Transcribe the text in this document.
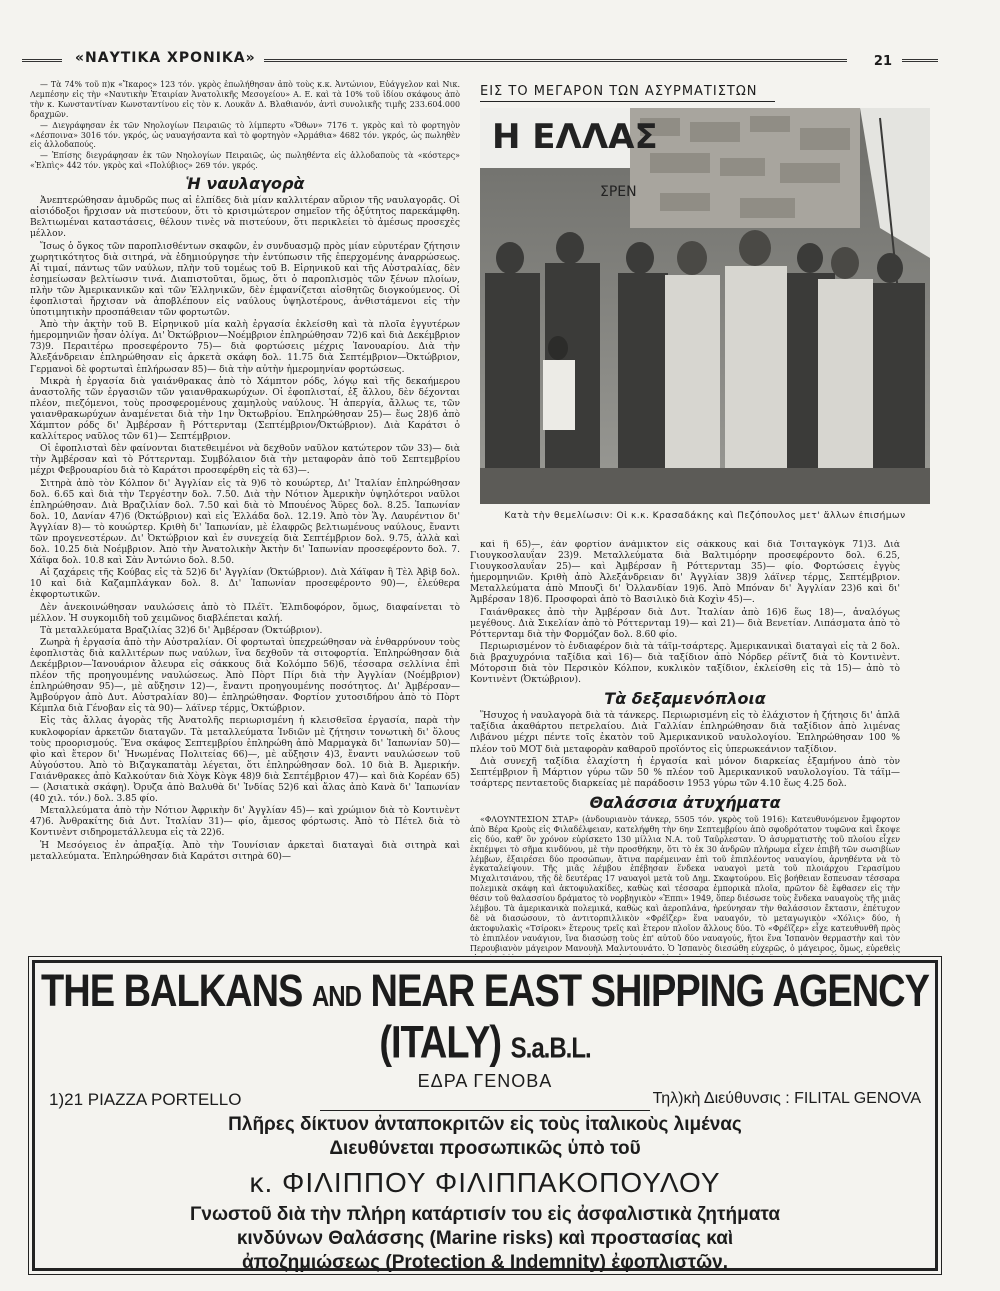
«ΝΑΥΤΙΚΑ ΧΡΟΝΙΚΑ»	21

— Τὰ 74% τοῦ π)κ «Ἴκαρος» 123 τόν. γκρὸς ἐπωλήθησαν ἀπὸ τοὺς κ.κ. Ἀντώνιον, Εὐάγγελον καὶ Νικ. Λεμπέσην εἰς τὴν «Ναυτικὴν Ἑταιρίαν Ἀνατολικῆς Μεσογείου» Α. Ε. καὶ τὰ 10% τοῦ ἰδίου σκάφους ἀπὸ τὴν κ. Κωνσταντίναν Κωνσταντίνου εἰς τὸν κ. Λουκᾶν Δ. Βλαθιανόν, ἀντὶ συνολικῆς τιμῆς 233.604.000 δραχμῶν.

— Διεγράφησαν ἐκ τῶν Νηολογίων Πειραιῶς τὸ λίμπερτυ «Ὄθων» 7176 τ. γκρὸς καὶ τὸ φορτηγὸν «Δέσποινα» 3016 τόν. γκρός, ὡς ναυαγήσαντα καὶ τὸ φορτηγὸν «Ἀρμάθια» 4682 τόν. γκρός, ὡς πωληθὲν εἰς ἀλλοδαπούς.

— Ἐπίσης διεγράφησαν ἐκ τῶν Νηολογίων Πειραιῶς, ὡς πωληθέντα εἰς ἀλλοδαποὺς τὰ «κόστερς» «Ἐλπὶς» 442 τόν. γκρὸς καὶ «Πολύβιος» 269 τόν. γκρός.

Ἡ ναυλαγορὰ

Ἀνεπτερώθησαν ἀμυδρῶς πως αἱ ἐλπίδες διὰ μίαν καλλιτέραν αὔριον τῆς ναυλαγορᾶς. Οἱ αἰσιόδοξοι ἤρχισαν νὰ πιστεύουν, ὅτι τὸ κρισιμώτερον σημεῖον τῆς ὀξύτητος παρεκάμφθη. Βελτιωμέναι καταστάσεις, θέλουν τινὲς νὰ πιστεύουν, ὅτι περικλείει τὸ ἀμέσως προσεχὲς μέλλον.

Ἴσως ὁ ὄγκος τῶν παροπλισθέντων σκαφῶν, ἐν συνδυασμῷ πρὸς μίαν εὐρυτέραν ζήτησιν χωρητικότητος διὰ σιτηρά, νὰ ἐδημιούργησε τὴν ἐντύπωσιν τῆς ἐπερχομένης ἀναρρώσεως. Αἱ τιμαί, πάντως τῶν ναύλων, πλὴν τοῦ τομέως τοῦ Β. Εἰρηνικοῦ καὶ τῆς Αὐστραλίας, δὲν ἐσημείωσαν βελτίωσιν τινά. Διαπιστοῦται, ὅμως, ὅτι ὁ παροπλισμὸς τῶν ξένων πλοίων, πλὴν τῶν Ἀμερικανικῶν καὶ τῶν Ἑλληνικῶν, δὲν ἐμφανίζεται αἰσθητῶς διογκούμενος. Οἱ ἐφοπλισταὶ ἤρχισαν νὰ ἀποβλέπουν εἰς ναύλους ὑψηλοτέρους, ἀνθιστάμενοι εἰς τὴν ὑποτιμητικὴν προσπάθειαν τῶν φορτωτῶν.

Ἀπὸ τὴν ἀκτὴν τοῦ Β. Εἰρηνικοῦ μία καλὴ ἐργασία ἐκλείσθη καὶ τὰ πλοῖα ἐγγυτέρων ἡμερομηνιῶν ἦσαν ὀλίγα. Δι' Ὀκτώβριον—Νοέμβριον ἐπληρώθησαν 72)6 καὶ διὰ Δεκέμβριον 73)9. Περαιτέρω προσεφέροντο 75)— διὰ φορτώσεις μέχρις Ἰανουαρίου. Διὰ τὴν Ἀλεξάνδρειαν ἐπληρώθησαν εἰς ἀρκετὰ σκάφη δολ. 11.75 διὰ Σεπτέμβριον—Ὀκτώβριον, Γερμανοὶ δὲ φορτωταὶ ἐπλήρωσαν 85)— διὰ τὴν αὐτὴν ἡμερομηνίαν φορτώσεως.

Μικρὰ ἡ ἐργασία διὰ γαιάνθρακας ἀπὸ τὸ Χάμπτον ρόδς, λόγῳ καὶ τῆς δεκαήμερου ἀναστολῆς τῶν ἐργασιῶν τῶν γαιανθρακωρύχων. Οἱ ἐφοπλισταί, ἐξ ἄλλου, δὲν δέχονται πλέον, πιεζόμενοι, τοὺς προσφερομένους χαμηλοὺς ναύλους. Ἡ ἀπεργία, ἄλλως τε, τῶν γαιανθρακωρύχων ἀναμένεται διὰ τὴν 1ην Ὀκτωβρίου. Ἐπληρώθησαν 25)— ἕως 28)6 ἀπὸ Χάμπτον ρόδς δι' Ἀμβέρσαν ἢ Ρόττερνταμ (Σεπτέμβριον/Ὀκτώβριον). Διὰ Καράτσι ὁ καλλίτερος ναῦλος τῶν 61)— Σεπτέμβριον.

Οἱ ἐφοπλισταὶ δὲν φαίνονται διατεθειμένοι νὰ δεχθοῦν ναῦλον κατώτερον τῶν 33)— διὰ τὴν Ἀμβέρσαν καὶ τὸ Ρόττερνταμ. Συμβόλαιον διὰ τὴν μεταφορὰν ἀπὸ τοῦ Σεπτεμβρίου μέχρι Φεβρουαρίου διὰ τὸ Καράτσι προσεφέρθη εἰς τὰ 63)—.

Σιτηρὰ ἀπὸ τὸν Κόλπον δι' Ἀγγλίαν εἰς τὰ 9)6 τὸ κουώρτερ, Δι' Ἰταλίαν ἐπληρώθησαν δολ. 6.65 καὶ διὰ τὴν Τεργέστην δολ. 7.50. Διὰ τὴν Νότιον Ἀμερικὴν ὑψηλότεροι ναῦλοι ἐπληρώθησαν. Διὰ Βραζιλίαν δολ. 7.50 καὶ διὰ τὸ Μπουένος Ἄϋρες δολ. 8.25. Ἰαπωνίαν δολ. 10, Δανίαν 47)6 (Ὀκτώβριον) καὶ εἰς Ἑλλάδα δολ. 12.19. Ἀπὸ τὸν Ἅγ. Λαυρέντιον δι' Ἀγγλίαν 8)— τὸ κουώρτερ. Κριθὴ δι' Ἰαπωνίαν, μὲ ἐλαφρῶς βελτιωμένους ναύλους, ἔναντι τῶν προγενεστέρων. Δι' Ὀκτώβριον καὶ ἐν συνεχείᾳ διὰ Σεπτέμβριον δολ. 9.75, ἀλλὰ καὶ δολ. 10.25 διὰ Νοέμβριον. Ἀπὸ τὴν Ἀνατολικὴν Ἀκτὴν δι' Ἰαπωνίαν προσεφέροντο δολ. 7. Χάϊφα δολ. 10.8 καὶ Σὰν Ἀντώνιο δολ. 8.50.

Αἱ ζαχάρεις τῆς Κούβας εἰς τὰ 52)6 δι' Ἀγγλίαν (Ὀκτώβριον). Διὰ Χάϊφαν ἢ Τὲλ Ἀβὶβ δολ. 10 καὶ διὰ Καζαμπλάγκαν δολ. 8. Δι' Ἰαπωνίαν προσεφέροντο 90)—, ἐλεύθερα ἐκφορτωτικῶν.

Δὲν ἀνεκοινώθησαν ναυλώσεις ἀπὸ τὸ Πλέϊτ. Ἐλπιδοφόρον, ὅμως, διαφαίνεται τὸ μέλλον. Ἡ συγκομιδὴ τοῦ χειμῶνος διαβλέπεται καλή.

Τὰ μεταλλεύματα Βραζιλίας 32)6 δι' Ἀμβέρσαν (Ὀκτώβριον).

Ζωηρὰ ἡ ἐργασία ἀπὸ τὴν Αὐστραλίαν. Οἱ φορτωταὶ ὑπεχρεώθησαν νὰ ἐνθαρρύνουν τοὺς ἐφοπλιστὰς διὰ καλλιτέρων πως ναύλων, ἵνα δεχθοῦν τὰ σιτοφορτία. Ἐπληρώθησαν διὰ Δεκέμβριον—Ἰανουάριον ἄλευρα εἰς σάκκους διὰ Κολόμπο 56)6, τέσσαρα σελλίνια ἐπὶ πλέον τῆς προηγουμένης ναυλώσεως. Ἀπὸ Πὸρτ Πίρι διὰ τὴν Ἀγγλίαν (Νοέμβριον) ἐπληρώθησαν 95)—, μὲ αὔξησιν 12)—, ἔναντι προηγουμένης ποσότητος. Δι' Ἀμβέρσαν—Ἀμβούργον ἀπὸ Δυτ. Αὐστραλίαν 80)— ἐπληρώθησαν. Φορτίον χυτοσιδήρου ἀπὸ τὸ Πὸρτ Κέμπλα διὰ Γένοβαν εἰς τὰ 90)— λάϊνερ τέρμς, Ὀκτώβριον.

Εἰς τὰς ἄλλας ἀγορὰς τῆς Ἀνατολῆς περιωρισμένη ἡ κλεισθεῖσα ἐργασία, παρὰ τὴν κυκλοφορίαν ἀρκετῶν διαταγῶν. Τὰ μεταλλεύματα Ἰνδιῶν μὲ ζήτησιν τονωτικὴ δι' ὅλους τοὺς προορισμούς. Ἕνα σκάφος Σεπτεμβρίου ἐπληρώθη ἀπὸ Μαρμαγκὰ δι' Ἰαπωνίαν 50)— φὶο καὶ ἕτερον δι' Ἡνωμένας Πολιτείας 66)—, μὲ αὔξησιν 4)3, ἔναντι ναυλώσεων τοῦ Αὐγούστου. Ἀπὸ τὸ Βιζαγκαπατὰμ λέγεται, ὅτι ἐπληρώθησαν δολ. 10 διὰ Β. Ἀμερικήν. Γαιάνθρακες ἀπὸ Καλκούταν διὰ Χὸγκ Κὸγκ 48)9 διὰ Σεπτέμβριον 47)— καὶ διὰ Κορέαν 65)— (Ἀσιατικὰ σκάφη). Ὀρυζα ἀπὸ Βαλυθὰ δι' Ἰνδίας 52)6 καὶ ἄλας ἀπὸ Κανὰ δι' Ἰαπωνίαν (40 χιλ. τόν.) δολ. 3.85 φίο.

Μεταλλεύματα ἀπὸ τὴν Νότιον Ἀφρικὴν δι' Ἀγγλίαν 45)— καὶ χρώμιον διὰ τὸ Κοντινὲντ 47)6. Ἀνθρακίτης διὰ Δυτ. Ἰταλίαν 31)— φίο, ἄμεσος φόρτωσις. Ἀπὸ τὸ Πέτελ διὰ τὸ Κοντινὲντ σιδηρομετάλλευμα εἰς τὰ 22)6.

Ἡ Μεσόγειος ἐν ἀπραξίᾳ. Ἀπὸ τὴν Τουνίσιαν ἀρκεταὶ διαταγαὶ διὰ σιτηρὰ καὶ μεταλλεύματα. Ἐπληρώθησαν διὰ Καράτσι σιτηρὰ 60)—

ΕΙΣ ΤΟ ΜΕΓΑΡΟΝ ΤΩΝ ΑΣΥΡΜΑΤΙΣΤΩΝ
Η ΕΛΛΑΣ
ΣΡΕΝ
Κατὰ τὴν θεμελίωσιν: Οἱ κ.κ. Κρασαδάκης καὶ Πεζόπουλος μετ' ἄλλων ἐπισήμων

καὶ ἢ 65)—, ἐὰν φορτίον ἀνάμικτον εἰς σάκκους καὶ διὰ Τσιταγκὸγκ 71)3. Διὰ Γιουγκοσλαυΐαν 23)9. Μεταλλεύματα διὰ Βαλτιμόρην προσεφέροντο δολ. 6.25, Γιουγκοσλαυΐαν 25)— καὶ Ἀμβέρσαν ἢ Ρόττερνταμ 35)— φίο. Φορτώσεις ἐγγὺς ἡμερομηνιῶν. Κριθὴ ἀπὸ Ἀλεξάνδρειαν δι' Ἀγγλίαν 38)9 λάϊνερ τέρμς, Σεπτέμβριον. Μεταλλεύματα ἀπὸ Μπουζὶ δι' Ὀλλανδίαν 19)6. Ἀπὸ Μπόναν δι' Ἀγγλίαν 23)6 καὶ δι' Ἀμβέρσαν 18)6. Προσφοραὶ ἀπὸ τὸ Βασιλικὸ διὰ Κοχὶν 45)—.

Γαιάνθρακες ἀπὸ τὴν Ἀμβέρσαν διὰ Δυτ. Ἰταλίαν ἀπὸ 16)6 ἕως 18)—, ἀναλόγως μεγέθους. Διὰ Σικελίαν ἀπὸ τὸ Ρόττερνταμ 19)— καὶ 21)— διὰ Βενετίαν. Λιπάσματα ἀπὸ τὸ Ρόττερνταμ διὰ τὴν Φορμόζαν δολ. 8.60 φίο.

Περιωρισμένον τὸ ἐνδιαφέρον διὰ τὰ τάϊμ-τσάρτερς. Ἀμερικανικαὶ διαταγαὶ εἰς τὰ 2 δολ. διὰ βραχυχρόνια ταξίδια καὶ 16)— διὰ ταξίδιον ἀπὸ Νόρδερ ρέϊντζ διὰ τὸ Κοντινὲντ. Μότορσιπ διὰ τὸν Περσικὸν Κόλπον, κυκλικὸν ταξίδιον, ἐκλείσθη εἰς τὰ 15)— ἀπὸ τὸ Κοντινὲντ (Ὀκτώβριον).

Τὰ δεξαμενόπλοια

Ἥσυχος ἡ ναυλαγορὰ διὰ τὰ τάνκερς. Περιωρισμένη εἰς τὸ ἐλάχιστον ἡ ζήτησις δι' ἁπλᾶ ταξίδια ἀκαθάρτου πετρελαίου. Διὰ Γαλλίαν ἐπληρώθησαν διὰ ταξίδιον ἀπὸ λιμένας Λιβάνου μέχρι πέντε τοῖς ἑκατὸν τοῦ Ἀμερικανικοῦ ναυλολογίου. Ἐπληρώθησαν 100 % πλέον τοῦ ΜΟΤ διὰ μεταφορὰν καθαροῦ προϊόντος εἰς ὑπερωκεάνιον ταξίδιον.

Διὰ συνεχῆ ταξίδια ἐλαχίστη ἡ ἐργασία καὶ μόνον διαρκείας ἑξαμήνου ἀπὸ τὸν Σεπτέμβριον ἢ Μάρτιον γύρω τῶν 50 % πλέον τοῦ Ἀμερικανικοῦ ναυλολογίου. Τὰ τάϊμ—τσάρτερς πενταετοῦς διαρκείας μὲ παράδοσιν 1953 γύρω τῶν 4.10 ἕως 4.25 δολ.

Θαλάσσια ἀτυχήματα

«ΦΛΟΥΝΤΕΣΙΟΝ ΣΤΑΡ» (ἀνδουριανὸν τάνκερ, 5505 τόν. γκρὸς τοῦ 1916): Κατευθυνόμενον ἔμφορτον ἀπὸ Βέρα Κροὺς εἰς Φιλαδέλφειαν, κατελήφθη τὴν 6ην Σεπτεμβρίου ἀπὸ σφοδρότατον τυφῶνα καὶ ἔκοψε εἰς δύο, καθ' ὃν χρόνον εὑρίσκετο 130 μίλλια Ν.Α. τοῦ Ταῦρλεσταν. Ὁ ἀσυρματιστὴς τοῦ πλοίου εἶχεν ἐκπέμψει τὸ σῆμα κινδύνου, μὲ τὴν προσθήκην, ὅτι τὸ ἐκ 30 ἀνδρῶν πλήρωμα εἶχεν ἐπιβῆ τῶν σωσιβίων λέμβων, ἐξαιρέσει δύο προσώπων, ἅτινα παρέμειναν ἐπὶ τοῦ ἐπιπλέοντος ναυαγίου, ἀρνηθέντα νὰ τὸ ἐγκαταλείψουν. Τῆς μιᾶς λέμβου ἐπέβησαν ἕνδεκα ναυαγοὶ μετὰ τοῦ πλοιάρχου Γερασίμου Μιχαλιτσιάνου, τῆς δὲ δευτέρας 17 ναυαγοὶ μετὰ τοῦ Δημ. Σκαφτούρου. Εἰς βοήθειαν ἔσπευσαν τέσσαρα πολεμικὰ σκάφη καὶ ἀκτοφυλακίδες, καθὼς καὶ τέσσαρα ἐμπορικὰ πλοῖα, πρῶτον δὲ ἔφθασεν εἰς τὴν θέσιν τοῦ θαλασσίου δράματος τὸ νορβηγικὸν «Ἐππι» 1949, ὅπερ διέσωσε τοὺς ἕνδεκα ναυαγοὺς τῆς μιᾶς λέμβου. Τὰ ἀμερικανικὰ πολεμικά, καθὼς καὶ ἀεροπλάνα, ἠρεύνησαν τὴν θαλάσσιον ἔκτασιν, ἐπέτυχον δὲ νὰ διασώσουν, τὸ ἀντιτορπιλλικὸν «Φρέϊζερ» ἕνα ναυαγόν, τὸ μεταγωγικὸν «Χόλις» δύο, ἡ ἀκτοφυλακὶς «Τσίροκι» ἕτερους τρεῖς καὶ ἕτερον πλοῖον ἄλλους δύο. Τὸ «Φρέϊζερ» εἶχε κατευθυνθῆ πρὸς τὸ ἐπιπλέον ναυάγιον, ἵνα διασώσῃ τοὺς ἐπ' αὐτοῦ δύο ναυαγούς, ἤτοι ἕνα Ἰσπανὸν θερμαστὴν καὶ τὸν Περουβιανὸν μάγειρον Μανουὴλ Μαλντουνάτο. Ὁ Ἰσπανὸς διεσώθη εὐχερῶς, ὁ μάγειρος, ὅμως, εὐρεθεὶς

THE BALKANS AND NEAR EAST SHIPPING AGENCY (ITALY) S.a.B.L.
ΕΔΡΑ ΓΕΝΟΒΑ
1)21 PIAZZA PORTELLO	Τηλ)κὴ Διεύθυνσις : FILITAL GENOVA
Πλῆρες δίκτυον ἀνταποκριτῶν εἰς τοὺς ἰταλικοὺς λιμένας
Διευθύνεται προσωπικῶς ὑπὸ τοῦ
κ. ΦΙΛΙΠΠΟΥ ΦΙΛΙΠΠΑΚΟΠΟΥΛΟΥ
Γνωστοῦ διὰ τὴν πλήρη κατάρτισίν του εἰς ἀσφαλιστικὰ ζητήματα
κινδύνων Θαλάσσης (Marine risks) καὶ προστασίας καὶ
ἀποζημιώσεως (Protection & Indemnity) ἐφοπλιστῶν.
